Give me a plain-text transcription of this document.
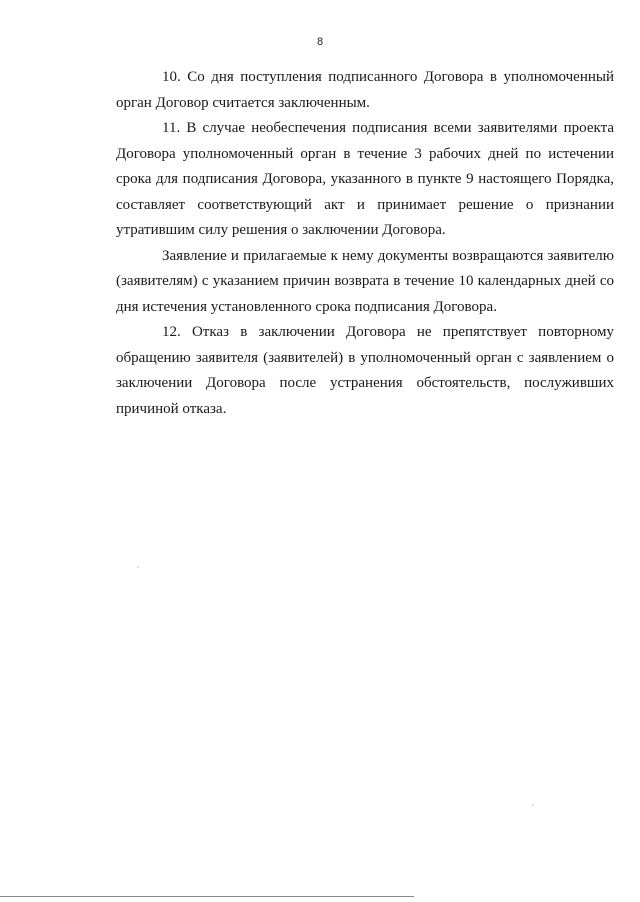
8

10. Со дня поступления подписанного Договора в уполномоченный орган Договор считается заключенным.

11. В случае необеспечения подписания всеми заявителями проекта Договора уполномоченный орган в течение 3 рабочих дней по истечении срока для подписания Договора, указанного в пункте 9 настоящего Порядка, составляет соответствующий акт и принимает решение о признании утратившим силу решения о заключении Договора.

Заявление и прилагаемые к нему документы возвращаются заявителю (заявителям) с указанием причин возврата в течение 10 календарных дней со дня истечения установленного срока подписания Договора.

12. Отказ в заключении Договора не препятствует повторному обращению заявителя (заявителей) в уполномоченный орган с заявлением о заключении Договора после устранения обстоятельств, послуживших причиной отказа.
